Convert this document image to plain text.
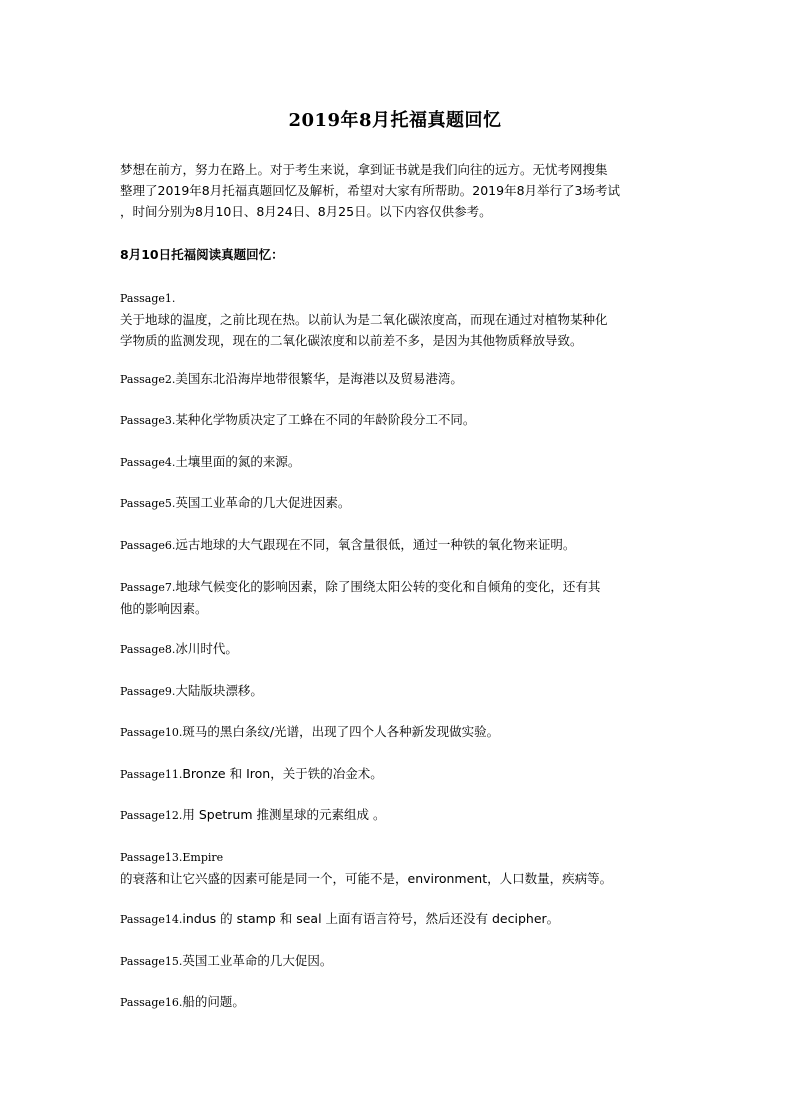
2019年8月托福真题回忆
梦想在前方，努力在路上。对于考生来说，拿到证书就是我们向往的远方。无忧考网搜集
整理了2019年8月托福真题回忆及解析，希望对大家有所帮助。2019年8月举行了3场考试
，时间分别为8月10日、8月24日、8月25日。以下内容仅供参考。
8月10日托福阅读真题回忆：
Passage1.
关于地球的温度，之前比现在热。以前认为是二氧化碳浓度高，而现在通过对植物某种化
学物质的监测发现，现在的二氧化碳浓度和以前差不多，是因为其他物质释放导致。
Passage2.美国东北沿海岸地带很繁华，是海港以及贸易港湾。
Passage3.某种化学物质决定了工蜂在不同的年龄阶段分工不同。
Passage4.土壤里面的氮的来源。
Passage5.英国工业革命的几大促进因素。
Passage6.远古地球的大气跟现在不同，氧含量很低，通过一种铁的氧化物来证明。
Passage7.地球气候变化的影响因素，除了围绕太阳公转的变化和自倾角的变化，还有其
他的影响因素。
Passage8.冰川时代。
Passage9.大陆版块漂移。
Passage10.斑马的黑白条纹/光谱，出现了四个人各种新发现做实验。
Passage11.Bronze 和 Iron，关于铁的冶金术。
Passage12.用 Spetrum 推测星球的元素组成 。
Passage13.Empire
的衰落和让它兴盛的因素可能是同一个，可能不是，environment，人口数量，疾病等。
Passage14.indus 的 stamp 和 seal 上面有语言符号，然后还没有 decipher。
Passage15.英国工业革命的几大促因。
Passage16.船的问题。
